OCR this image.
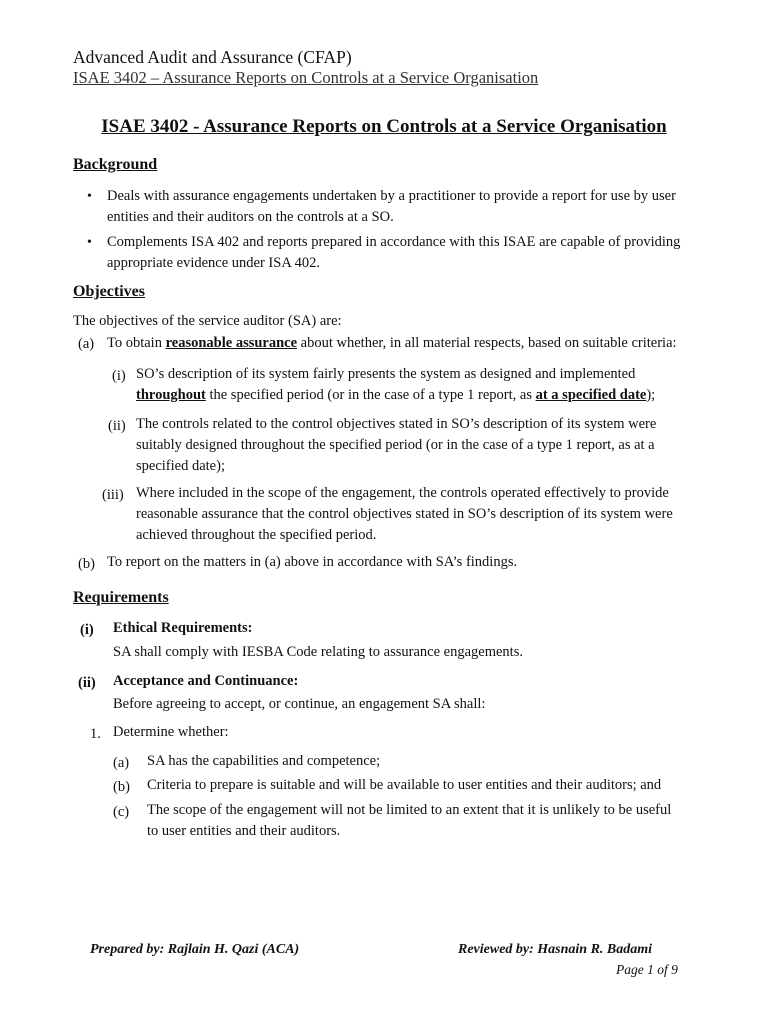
Advanced Audit and Assurance (CFAP)
ISAE 3402 – Assurance Reports on Controls at a Service Organisation
ISAE 3402 - Assurance Reports on Controls at a Service Organisation
Background
• Deals with assurance engagements undertaken by a practitioner to provide a report for use by user
entities and their auditors on the controls at a SO.
• Complements ISA 402 and reports prepared in accordance with this ISAE are capable of providing
appropriate evidence under ISA 402.
Objectives
The objectives of the service auditor (SA) are:
(a) To obtain reasonable assurance about whether, in all material respects, based on suitable criteria:
(i) SO’s description of its system fairly presents the system as designed and implemented
throughout the specified period (or in the case of a type 1 report, as at a specified date);
(ii) The controls related to the control objectives stated in SO’s description of its system were
suitably designed throughout the specified period (or in the case of a type 1 report, as at a
specified date);
(iii) Where included in the scope of the engagement, the controls operated effectively to provide
reasonable assurance that the control objectives stated in SO’s description of its system were
achieved throughout the specified period.
(b) To report on the matters in (a) above in accordance with SA’s findings.
Requirements
(i) Ethical Requirements:
SA shall comply with IESBA Code relating to assurance engagements.
(ii) Acceptance and Continuance:
Before agreeing to accept, or continue, an engagement SA shall:
1. Determine whether:
(a) SA has the capabilities and competence;
(b) Criteria to prepare is suitable and will be available to user entities and their auditors; and
(c) The scope of the engagement will not be limited to an extent that it is unlikely to be useful
to user entities and their auditors.
Prepared by: Rajlain H. Qazi (ACA)	Reviewed by: Hasnain R. Badami
Page 1 of 9
